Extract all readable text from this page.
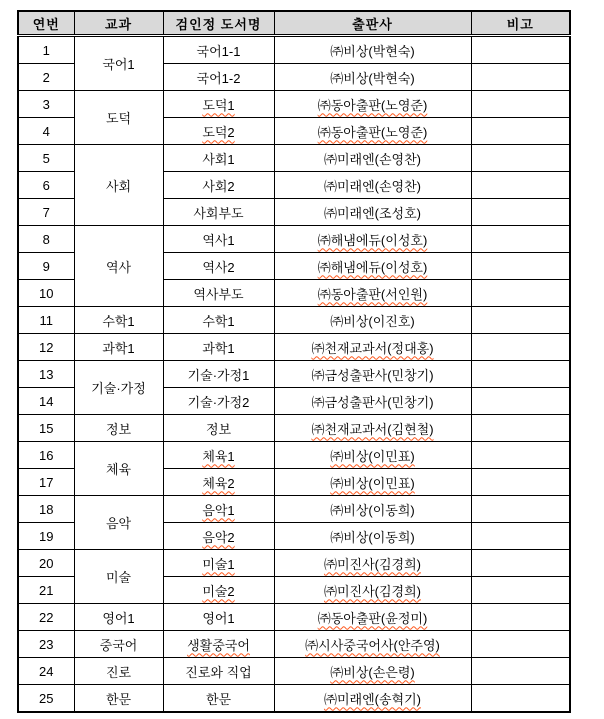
연번	교과	검인정 도서명	출판사	비고
1	국어1	국어1-1	㈜비상(박현숙)	
2		국어1-2	㈜비상(박현숙)	
3	도덕	도덕1	㈜동아출판(노영준)	
4		도덕2	㈜동아출판(노영준)	
5	사회	사회1	㈜미래엔(손영찬)	
6		사회2	㈜미래엔(손영찬)	
7		사회부도	㈜미래엔(조성호)	
8	역사	역사1	㈜해냄에듀(이성호)	
9		역사2	㈜해냄에듀(이성호)	
10		역사부도	㈜동아출판(서인원)	
11	수학1	수학1	㈜비상(이진호)	
12	과학1	과학1	㈜천재교과서(정대홍)	
13	기술·가정	기술·가정1	㈜금성출판사(민창기)	
14		기술·가정2	㈜금성출판사(민창기)	
15	정보	정보	㈜천재교과서(김현철)	
16	체육	체육1	㈜비상(이민표)	
17		체육2	㈜비상(이민표)	
18	음악	음악1	㈜비상(이동희)	
19		음악2	㈜비상(이동희)	
20	미술	미술1	㈜미진사(김경희)	
21		미술2	㈜미진사(김경희)	
22	영어1	영어1	㈜동아출판(윤정미)	
23	중국어	생활중국어	㈜시사중국어사(안주영)	
24	진로	진로와 직업	㈜비상(손은령)	
25	한문	한문	㈜미래엔(송혁기)	
